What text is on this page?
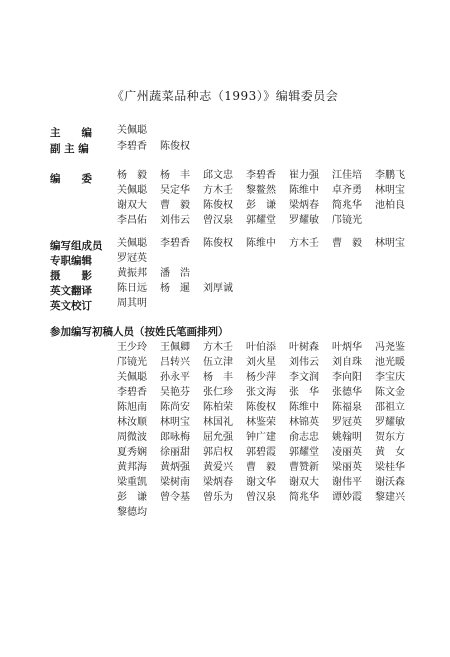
《广州蔬菜品种志（1993）》编辑委员会
主　　编	关佩聪
副 主 编	李碧香 陈俊权
编　　委	杨　毅 杨　丰 邱文忠 李碧香 崔力强 江佳培 李鹏飞
关佩聪 吴定华 方木壬 黎鳌然 陈维中 卓齐勇 林明宝
谢双大 曹　毅 陈俊权 彭　谦 梁炳春 简兆华 池柏良
李昌佑 刘伟云 曾汉泉 郭耀堂 罗耀敏 邝镜光
编写组成员 关佩聪 李碧香 陈俊权 陈维中 方木壬 曹　毅 林明宝
专职编辑	罗冠英
摄　　影	黄振邦 潘　浩
英文翻译	陈日远 杨　暹 刘厚诚
英文校订	周其明
参加编写初稿人员（按姓氏笔画排列）
王少玲 王佩卿 方木壬 叶伯添 叶树森 叶炳华 冯尧鉴
邝镜光 吕转兴 伍立津 刘火星 刘伟云 刘自珠 池光暖
关佩聪 孙永平 杨　丰 杨少萍 李文润 李向阳 李宝庆
李碧香 吴艳芬 张仁珍 张文海 张　华 张德华 陈文金
陈旭南 陈尚安 陈柏荣 陈俊权 陈维中 陈福泉 邵祖立
林汝顺 林明宝 林国礼 林鉴荣 林锦英 罗冠英 罗耀敏
周微波 郎咏梅 屈允强 钟广建 俞志忠 姚翰明 贺东方
夏秀娴 徐丽甜 郭启权 郭碧霞 郭耀堂 凌丽英 黄　女
黄邦海 黄炳强 黄爱兴 曹　毅 曹赞新 梁丽英 梁桂华
梁重凯 梁树南 梁炳春 谢文华 谢双大 谢伟平 谢沃森
彭　谦 曾令基 曾乐为 曾汉泉 简兆华 谭妙霞 黎建兴
黎德均
